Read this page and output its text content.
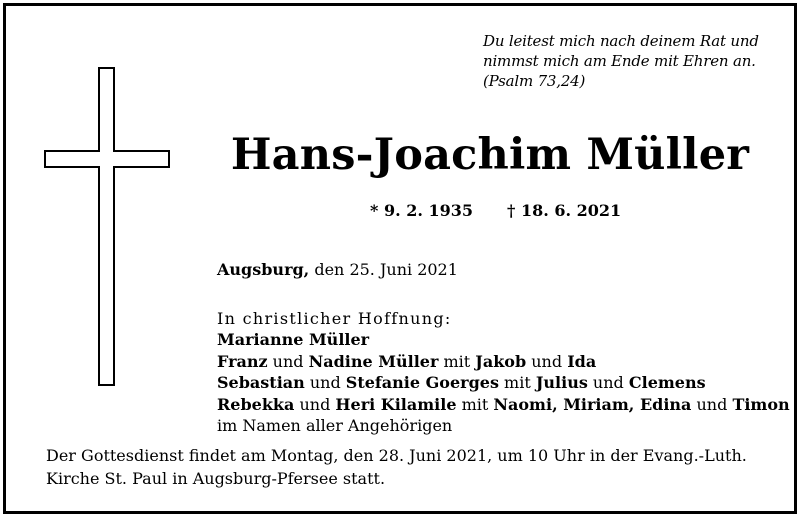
Du leitest mich nach deinem Rat und
nimmst mich am Ende mit Ehren an.
(Psalm 73,24)
Hans-Joachim Müller
* 9. 2. 1935 † 18. 6. 2021
Augsburg, den 25. Juni 2021
In christlicher Hoffnung:
Marianne Müller
Franz und Nadine Müller mit Jakob und Ida
Sebastian und Stefanie Goerges mit Julius und Clemens
Rebekka und Heri Kilamile mit Naomi, Miriam, Edina und Timon
im Namen aller Angehörigen
Der Gottesdienst findet am Montag, den 28. Juni 2021, um 10 Uhr in der Evang.-Luth.
Kirche St. Paul in Augsburg-Pfersee statt.
